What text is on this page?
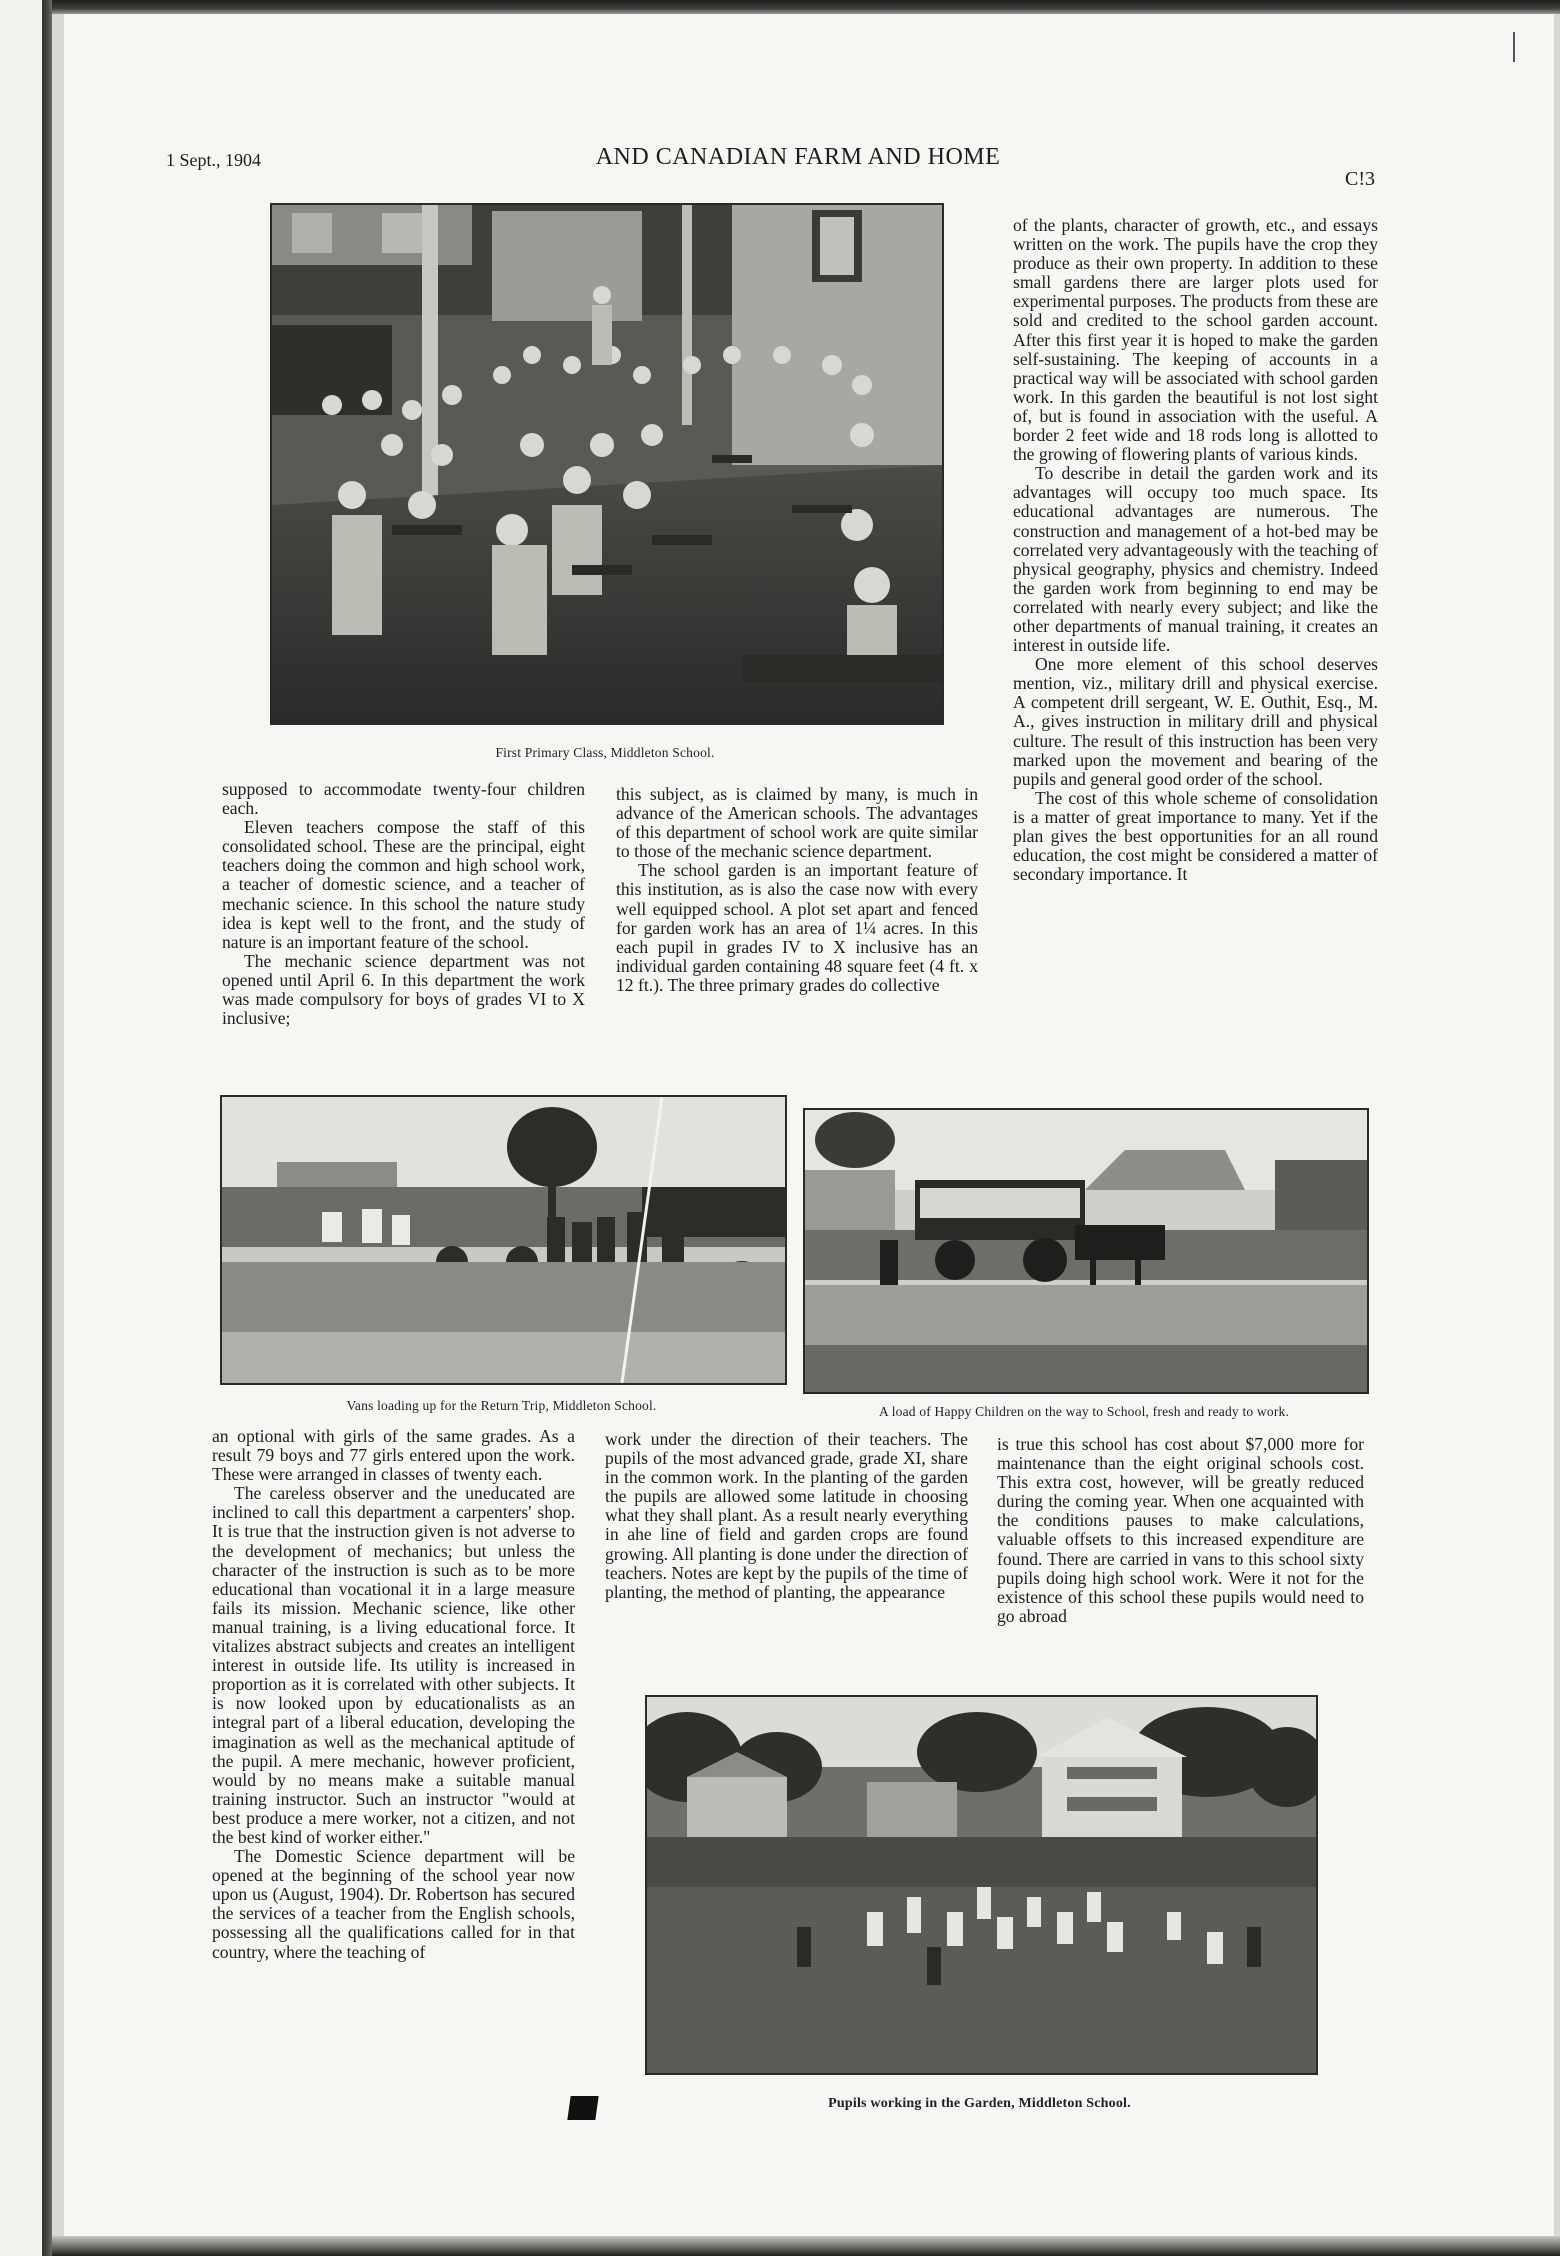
1 Sept., 1904	AND CANADIAN FARM AND HOME
C!3
First Primary Class, Middleton School.

of the plants, character of growth, etc., and essays written on the work. The pupils have the crop they produce as their own property. In addition to these small gardens there are larger plots used for experimental purposes. The products from these are sold and credited to the school garden account. After this first year it is hoped to make the garden self-sustaining. The keeping of accounts in a practical way will be associated with school garden work. In this garden the beautiful is not lost sight of, but is found in association with the useful. A border 2 feet wide and 18 rods long is allotted to the growing of flowering plants of various kinds.

To describe in detail the garden work and its advantages will occupy too much space. Its educational advantages are numerous. The construction and management of a hot-bed may be correlated very advantageously with the teaching of physical geography, physics and chemistry. Indeed the garden work from beginning to end may be correlated with nearly every subject; and like the other departments of manual training, it creates an interest in outside life.

One more element of this school deserves mention, viz., military drill and physical exercise. A competent drill sergeant, W. E. Outhit, Esq., M. A., gives instruction in military drill and physical culture. The result of this instruction has been very marked upon the movement and bearing of the pupils and general good order of the school.

The cost of this whole scheme of consolidation is a matter of great importance to many. Yet if the plan gives the best opportunities for an all round education, the cost might be considered a matter of secondary importance. It

supposed to accommodate twenty-four children each.

Eleven teachers compose the staff of this consolidated school. These are the principal, eight teachers doing the common and high school work, a teacher of domestic science, and a teacher of mechanic science. In this school the nature study idea is kept well to the front, and the study of nature is an important feature of the school.

The mechanic science department was not opened until April 6. In this department the work was made compulsory for boys of grades VI to X inclusive;

this subject, as is claimed by many, is much in advance of the American schools. The advantages of this department of school work are quite similar to those of the mechanic science department.

The school garden is an important feature of this institution, as is also the case now with every well equipped school. A plot set apart and fenced for garden work has an area of 1¼ acres. In this each pupil in grades IV to X inclusive has an individual garden containing 48 square feet (4 ft. x 12 ft.). The three primary grades do collective

Vans loading up for the Return Trip, Middleton School.	A load of Happy Children on the way to School, fresh and ready to work.

an optional with girls of the same grades. As a result 79 boys and 77 girls entered upon the work. These were arranged in classes of twenty each.

The careless observer and the uneducated are inclined to call this department a carpenters' shop. It is true that the instruction given is not adverse to the development of mechanics; but unless the character of the instruction is such as to be more educational than vocational it in a large measure fails its mission. Mechanic science, like other manual training, is a living educational force. It vitalizes abstract subjects and creates an intelligent interest in outside life. Its utility is increased in proportion as it is correlated with other subjects. It is now looked upon by educationalists as an integral part of a liberal education, developing the imagination as well as the mechanical aptitude of the pupil. A mere mechanic, however proficient, would by no means make a suitable manual training instructor. Such an instructor "would at best produce a mere worker, not a citizen, and not the best kind of worker either."

The Domestic Science department will be opened at the beginning of the school year now upon us (August, 1904). Dr. Robertson has secured the services of a teacher from the English schools, possessing all the qualifications called for in that country, where the teaching of

work under the direction of their teachers. The pupils of the most advanced grade, grade XI, share in the common work. In the planting of the garden the pupils are allowed some latitude in choosing what they shall plant. As a result nearly everything in ahe line of field and garden crops are found growing. All planting is done under the direction of teachers. Notes are kept by the pupils of the time of planting, the method of planting, the appearance

is true this school has cost about $7,000 more for maintenance than the eight original schools cost. This extra cost, however, will be greatly reduced during the coming year. When one acquainted with the conditions pauses to make calculations, valuable offsets to this increased expenditure are found. There are carried in vans to this school sixty pupils doing high school work. Were it not for the existence of this school these pupils would need to go abroad

Pupils working in the Garden, Middleton School.
